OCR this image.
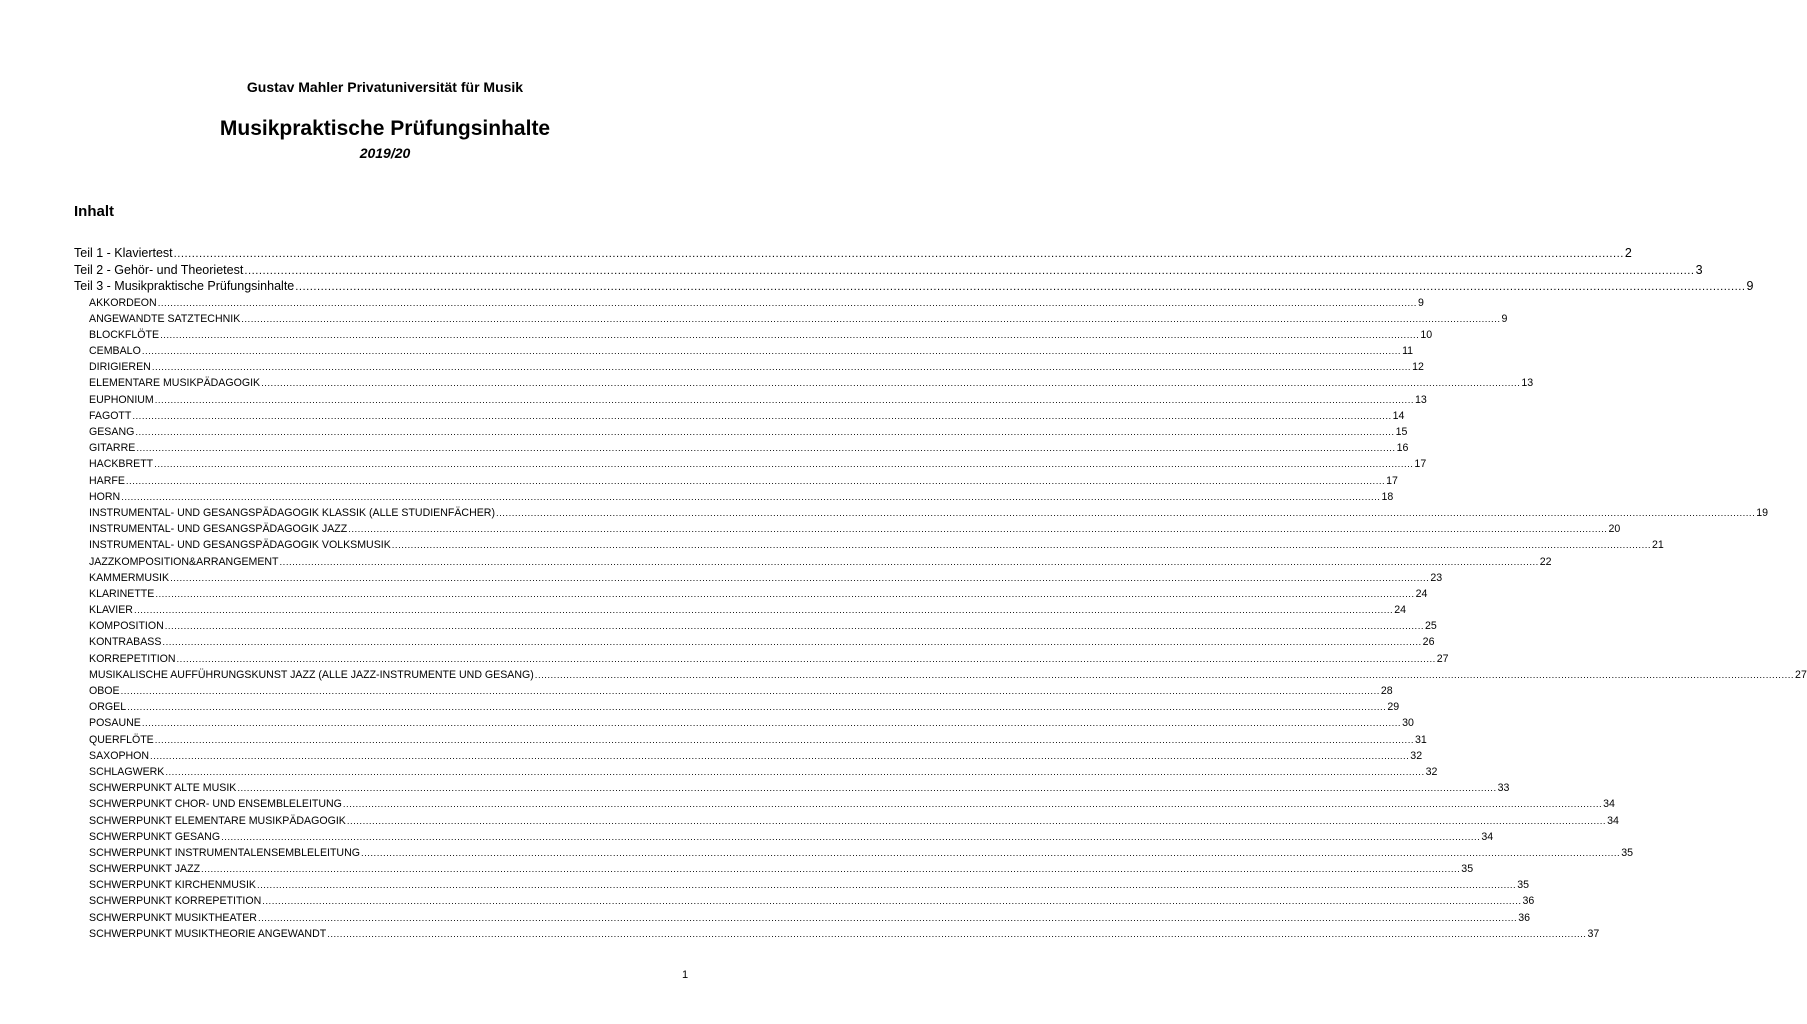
Gustav Mahler Privatuniversität für Musik
Musikpraktische Prüfungsinhalte
2019/20
Inhalt
Teil 1 - Klaviertest ................................................................................................................................................................................................................................................................................................................................................................................................................ 2
Teil 2 - Gehör- und Theorietest ................................................................................................................................................................................................................................................................................................................................................................................................................ 3
Teil 3 - Musikpraktische Prüfungsinhalte ................................................................................................................................................................................................................................................................................................................................................................................................................ 9
AKKORDEON ................................................................................................................................................................................................................................................................................................................................................................................................................ 9
ANGEWANDTE SATZTECHNIK ................................................................................................................................................................................................................................................................................................................................................................................................................ 9
BLOCKFLÖTE ................................................................................................................................................................................................................................................................................................................................................................................................................ 10
CEMBALO ................................................................................................................................................................................................................................................................................................................................................................................................................ 11
DIRIGIEREN ................................................................................................................................................................................................................................................................................................................................................................................................................ 12
ELEMENTARE MUSIKPÄDAGOGIK ................................................................................................................................................................................................................................................................................................................................................................................................................ 13
EUPHONIUM ................................................................................................................................................................................................................................................................................................................................................................................................................ 13
FAGOTT ................................................................................................................................................................................................................................................................................................................................................................................................................ 14
GESANG ................................................................................................................................................................................................................................................................................................................................................................................................................ 15
GITARRE ................................................................................................................................................................................................................................................................................................................................................................................................................ 16
HACKBRETT ................................................................................................................................................................................................................................................................................................................................................................................................................ 17
HARFE ................................................................................................................................................................................................................................................................................................................................................................................................................ 17
HORN ................................................................................................................................................................................................................................................................................................................................................................................................................ 18
INSTRUMENTAL- UND GESANGSPÄDAGOGIK KLASSIK (ALLE STUDIENFÄCHER) ................................................................................................................................................................................................................................................................................................................................................................................................................ 19
INSTRUMENTAL- UND GESANGSPÄDAGOGIK JAZZ ................................................................................................................................................................................................................................................................................................................................................................................................................ 20
INSTRUMENTAL- UND GESANGSPÄDAGOGIK VOLKSMUSIK ................................................................................................................................................................................................................................................................................................................................................................................................................ 21
JAZZKOMPOSITION&ARRANGEMENT ................................................................................................................................................................................................................................................................................................................................................................................................................ 22
KAMMERMUSIK ................................................................................................................................................................................................................................................................................................................................................................................................................ 23
KLARINETTE ................................................................................................................................................................................................................................................................................................................................................................................................................ 24
KLAVIER ................................................................................................................................................................................................................................................................................................................................................................................................................ 24
KOMPOSITION ................................................................................................................................................................................................................................................................................................................................................................................................................ 25
KONTRABASS ................................................................................................................................................................................................................................................................................................................................................................................................................ 26
KORREPETITION ................................................................................................................................................................................................................................................................................................................................................................................................................ 27
MUSIKALISCHE AUFFÜHRUNGSKUNST JAZZ (ALLE JAZZ-INSTRUMENTE UND GESANG) ................................................................................................................................................................................................................................................................................................................................................................................................................ 27
OBOE ................................................................................................................................................................................................................................................................................................................................................................................................................ 28
ORGEL ................................................................................................................................................................................................................................................................................................................................................................................................................ 29
POSAUNE ................................................................................................................................................................................................................................................................................................................................................................................................................ 30
QUERFLÖTE ................................................................................................................................................................................................................................................................................................................................................................................................................ 31
SAXOPHON ................................................................................................................................................................................................................................................................................................................................................................................................................ 32
SCHLAGWERK ................................................................................................................................................................................................................................................................................................................................................................................................................ 32
SCHWERPUNKT ALTE MUSIK ................................................................................................................................................................................................................................................................................................................................................................................................................ 33
SCHWERPUNKT CHOR- UND ENSEMBLELEITUNG ................................................................................................................................................................................................................................................................................................................................................................................................................ 34
SCHWERPUNKT ELEMENTARE MUSIKPÄDAGOGIK ................................................................................................................................................................................................................................................................................................................................................................................................................ 34
SCHWERPUNKT GESANG ................................................................................................................................................................................................................................................................................................................................................................................................................ 34
SCHWERPUNKT INSTRUMENTALENSEMBLELEITUNG ................................................................................................................................................................................................................................................................................................................................................................................................................ 35
SCHWERPUNKT JAZZ ................................................................................................................................................................................................................................................................................................................................................................................................................ 35
SCHWERPUNKT KIRCHENMUSIK ................................................................................................................................................................................................................................................................................................................................................................................................................ 35
SCHWERPUNKT KORREPETITION ................................................................................................................................................................................................................................................................................................................................................................................................................ 36
SCHWERPUNKT MUSIKTHEATER ................................................................................................................................................................................................................................................................................................................................................................................................................ 36
SCHWERPUNKT MUSIKTHEORIE ANGEWANDT ................................................................................................................................................................................................................................................................................................................................................................................................................ 37
1
